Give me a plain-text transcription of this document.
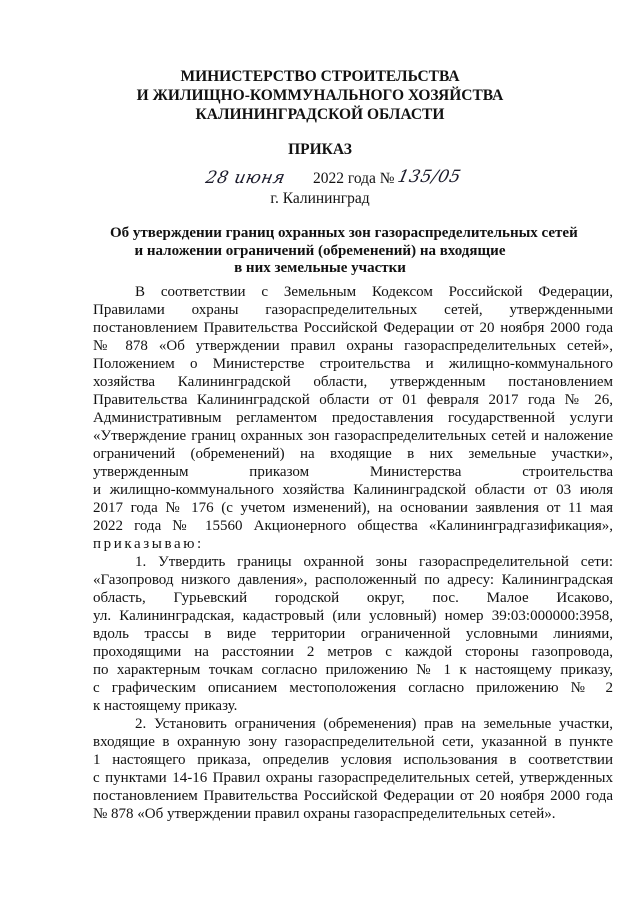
МИНИСТЕРСТВО СТРОИТЕЛЬСТВА
И ЖИЛИЩНО-КОММУНАЛЬНОГО ХОЗЯЙСТВА
КАЛИНИНГРАДСКОЙ ОБЛАСТИ
ПРИКАЗ
28 июня 2022 года № 135/05
г. Калининград
Об утверждении границ охранных зон газораспределительных сетей
и наложении ограничений (обременений) на входящие
в них земельные участки
В соответствии с Земельным Кодексом Российской Федерации,
Правилами охраны газораспределительных сетей, утвержденными
постановлением Правительства Российской Федерации от 20 ноября 2000 года
№ 878 «Об утверждении правил охраны газораспределительных сетей»,
Положением о Министерстве строительства и жилищно-коммунального
хозяйства Калининградской области, утвержденным постановлением
Правительства Калининградской области от 01 февраля 2017 года № 26,
Административным регламентом предоставления государственной услуги
«Утверждение границ охранных зон газораспределительных сетей и наложение
ограничений (обременений) на входящие в них земельные участки»,
утвержденным приказом Министерства строительства
и жилищно-коммунального хозяйства Калининградской области от 03 июля
2017 года № 176 (с учетом изменений), на основании заявления от 11 мая
2022 года № 15560 Акционерного общества «Калининградгазификация»,
приказываю:
1. Утвердить границы охранной зоны газораспределительной сети:
«Газопровод низкого давления», расположенный по адресу: Калининградская
область, Гурьевский городской округ, пос. Малое Исаково,
ул. Калининградская, кадастровый (или условный) номер 39:03:000000:3958,
вдоль трассы в виде территории ограниченной условными линиями,
проходящими на расстоянии 2 метров с каждой стороны газопровода,
по характерным точкам согласно приложению № 1 к настоящему приказу,
с графическим описанием местоположения согласно приложению № 2
к настоящему приказу.
2. Установить ограничения (обременения) прав на земельные участки,
входящие в охранную зону газораспределительной сети, указанной в пункте
1 настоящего приказа, определив условия использования в соответствии
с пунктами 14-16 Правил охраны газораспределительных сетей, утвержденных
постановлением Правительства Российской Федерации от 20 ноября 2000 года
№ 878 «Об утверждении правил охраны газораспределительных сетей».
